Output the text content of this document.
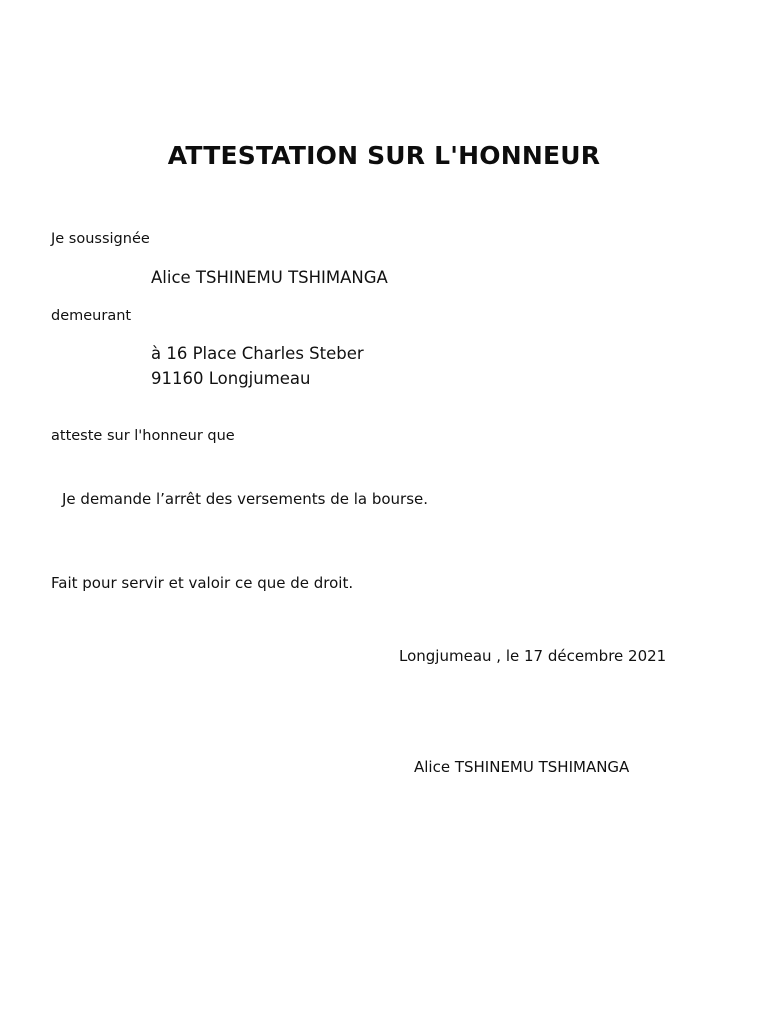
ATTESTATION SUR L'HONNEUR

Je soussignée

Alice TSHINEMU TSHIMANGA

demeurant

à 16 Place Charles Steber

91160 Longjumeau

atteste sur l'honneur que

Je demande l’arrêt des versements de la bourse.

Fait pour servir et valoir ce que de droit.

Longjumeau , le 17 décembre 2021

Alice TSHINEMU TSHIMANGA
